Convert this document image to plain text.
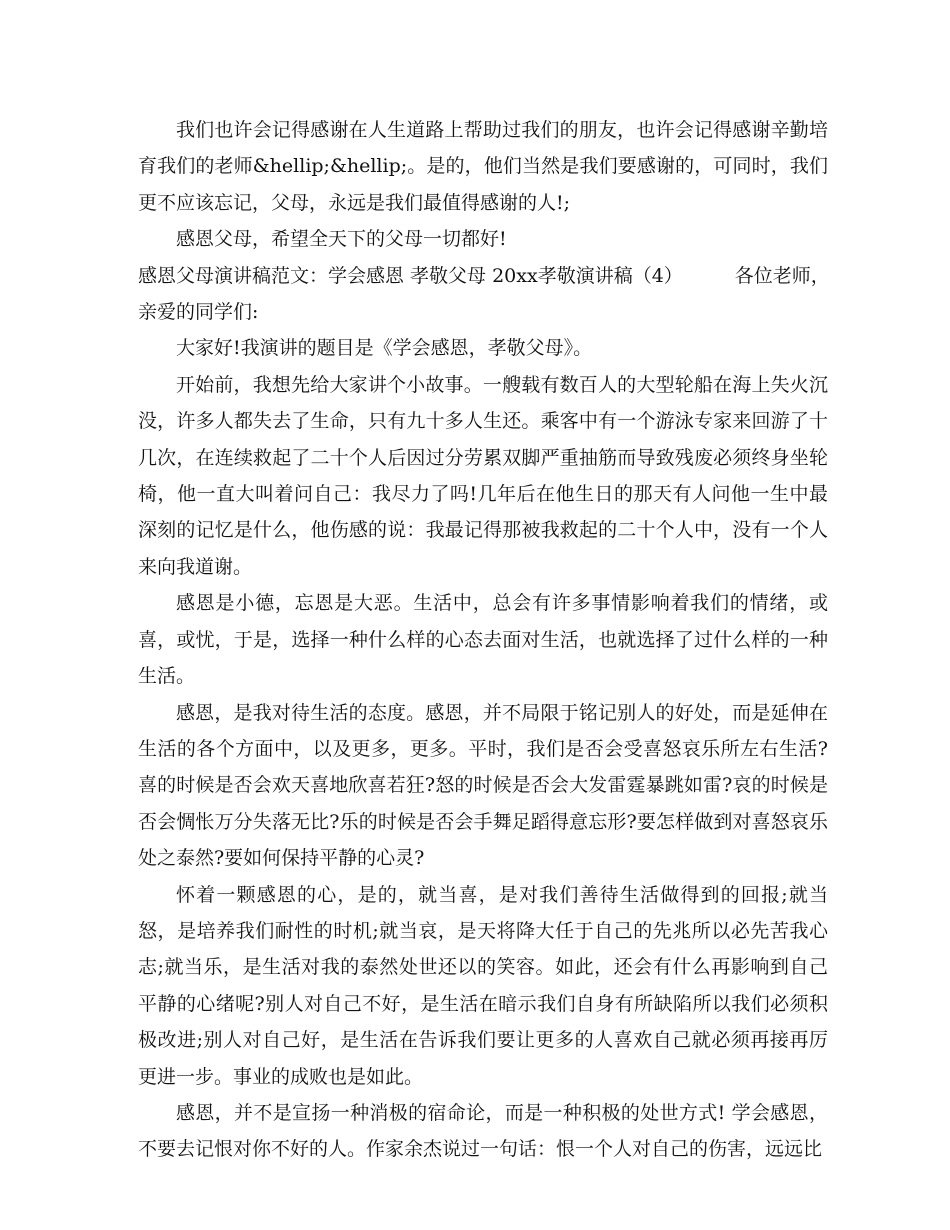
我们也许会记得感谢在人生道路上帮助过我们的朋友，也许会记得感谢辛勤培育我们的老师&hellip;&hellip;。是的，他们当然是我们要感谢的，可同时，我们更不应该忘记，父母，永远是我们最值得感谢的人!;

感恩父母，希望全天下的父母一切都好!

感恩父母演讲稿范文：学会感恩 孝敬父母 20xx孝敬演讲稿（4）	各位老师，

亲爱的同学们:

大家好!我演讲的题目是《学会感恩，孝敬父母》。

开始前，我想先给大家讲个小故事。一艘载有数百人的大型轮船在海上失火沉没，许多人都失去了生命，只有九十多人生还。乘客中有一个游泳专家来回游了十几次，在连续救起了二十个人后因过分劳累双脚严重抽筋而导致残废必须终身坐轮椅，他一直大叫着问自己：我尽力了吗!几年后在他生日的那天有人问他一生中最深刻的记忆是什么，他伤感的说：我最记得那被我救起的二十个人中，没有一个人来向我道谢。

感恩是小德，忘恩是大恶。生活中，总会有许多事情影响着我们的情绪，或喜，或忧，于是，选择一种什么样的心态去面对生活，也就选择了过什么样的一种生活。

感恩，是我对待生活的态度。感恩，并不局限于铭记别人的好处，而是延伸在生活的各个方面中，以及更多，更多。平时，我们是否会受喜怒哀乐所左右生活?喜的时候是否会欢天喜地欣喜若狂?怒的时候是否会大发雷霆暴跳如雷?哀的时候是否会惆怅万分失落无比?乐的时候是否会手舞足蹈得意忘形?要怎样做到对喜怒哀乐处之泰然?要如何保持平静的心灵?

怀着一颗感恩的心，是的，就当喜，是对我们善待生活做得到的回报;就当怒，是培养我们耐性的时机;就当哀，是天将降大任于自己的先兆所以必先苦我心志;就当乐，是生活对我的泰然处世还以的笑容。如此，还会有什么再影响到自己平静的心绪呢?别人对自己不好，是生活在暗示我们自身有所缺陷所以我们必须积极改进;别人对自己好，是生活在告诉我们要让更多的人喜欢自己就必须再接再厉更进一步。事业的成败也是如此。

感恩，并不是宣扬一种消极的宿命论，而是一种积极的处世方式! 学会感恩，不要去记恨对你不好的人。作家余杰说过一句话：恨一个人对自己的伤害，远远比
